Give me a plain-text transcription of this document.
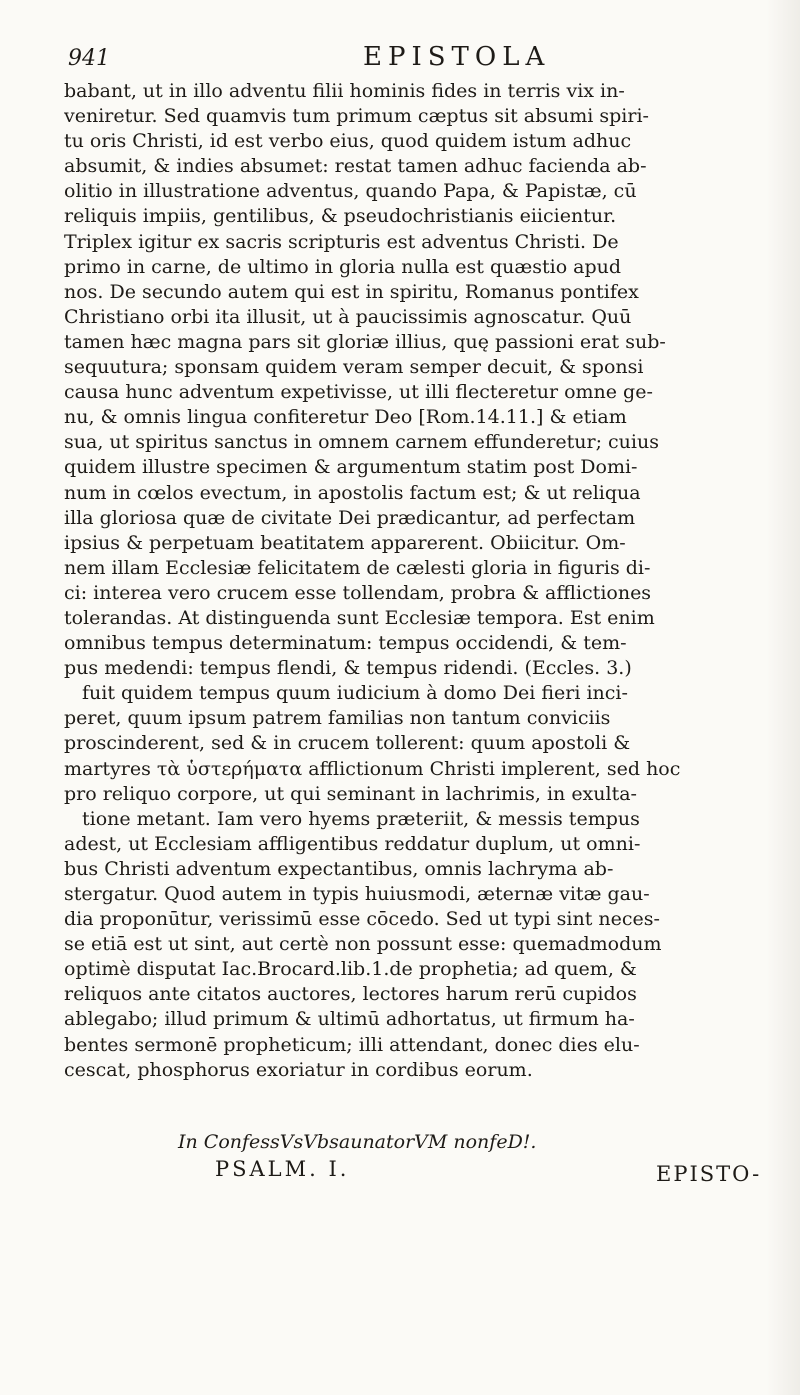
941	EPISTOLA
babant, ut in illo adventu filii hominis fides in terris vix in-
veniretur. Sed quamvis tum primum cæptus sit absumi spiri-
tu oris Christi, id est verbo eius, quod quidem istum adhuc
absumit, & indies absumet: restat tamen adhuc facienda ab-
olitio in illustratione adventus, quando Papa, & Papistæ, cū
reliquis impiis, gentilibus, & pseudochristianis eiicientur.
Triplex igitur ex sacris scripturis est adventus Christi. De
primo in carne, de ultimo in gloria nulla est quæstio apud
nos. De secundo autem qui est in spiritu, Romanus pontifex
Christiano orbi ita illusit, ut à paucissimis agnoscatur. Quū
tamen hæc magna pars sit gloriæ illius, quę passioni erat sub-
sequutura; sponsam quidem veram semper decuit, & sponsi
causa hunc adventum expetivisse, ut illi flecteretur omne ge-
nu, & omnis lingua confiteretur Deo [Rom.14.11.] & etiam
sua, ut spiritus sanctus in omnem carnem effunderetur; cuius
quidem illustre specimen & argumentum statim post Domi-
num in cœlos evectum, in apostolis factum est; & ut reliqua
illa gloriosa quæ de civitate Dei prædicantur, ad perfectam
ipsius & perpetuam beatitatem apparerent. Obiicitur. Om-
nem illam Ecclesiæ felicitatem de cælesti gloria in figuris di-
ci: interea vero crucem esse tollendam, probra & afflictiones
tolerandas. At distinguenda sunt Ecclesiæ tempora. Est enim
omnibus tempus determinatum: tempus occidendi, & tem-
pus medendi: tempus flendi, & tempus ridendi. (Eccles. 3.)
fuit quidem tempus quum iudicium à domo Dei fieri inci-
peret, quum ipsum patrem familias non tantum conviciis
proscinderent, sed & in crucem tollerent: quum apostoli &
martyres τὰ ὑστερήματα afflictionum Christi implerent, sed hoc
pro reliquo corpore, ut qui seminant in lachrimis, in exulta-
tione metant. Iam vero hyems præteriit, & messis tempus
adest, ut Ecclesiam affligentibus reddatur duplum, ut omni-
bus Christi adventum expectantibus, omnis lachryma ab-
stergatur. Quod autem in typis huiusmodi, æternæ vitæ gau-
dia proponūtur, verissimū esse cōcedo. Sed ut typi sint neces-
se etiā est ut sint, aut certè non possunt esse: quemadmodum
optimè disputat Iac.Brocard.lib.1.de prophetia; ad quem, &
reliquos ante citatos auctores, lectores harum rerū cupidos
ablegabo; illud primum & ultimū adhortatus, ut firmum ha-
bentes sermonē propheticum; illi attendant, donec dies elu-
cescat, phosphorus exoriatur in cordibus eorum.
In ConfessVsVbsaunatorVM nonfeD!.
PSALM. I.	EPISTO-
